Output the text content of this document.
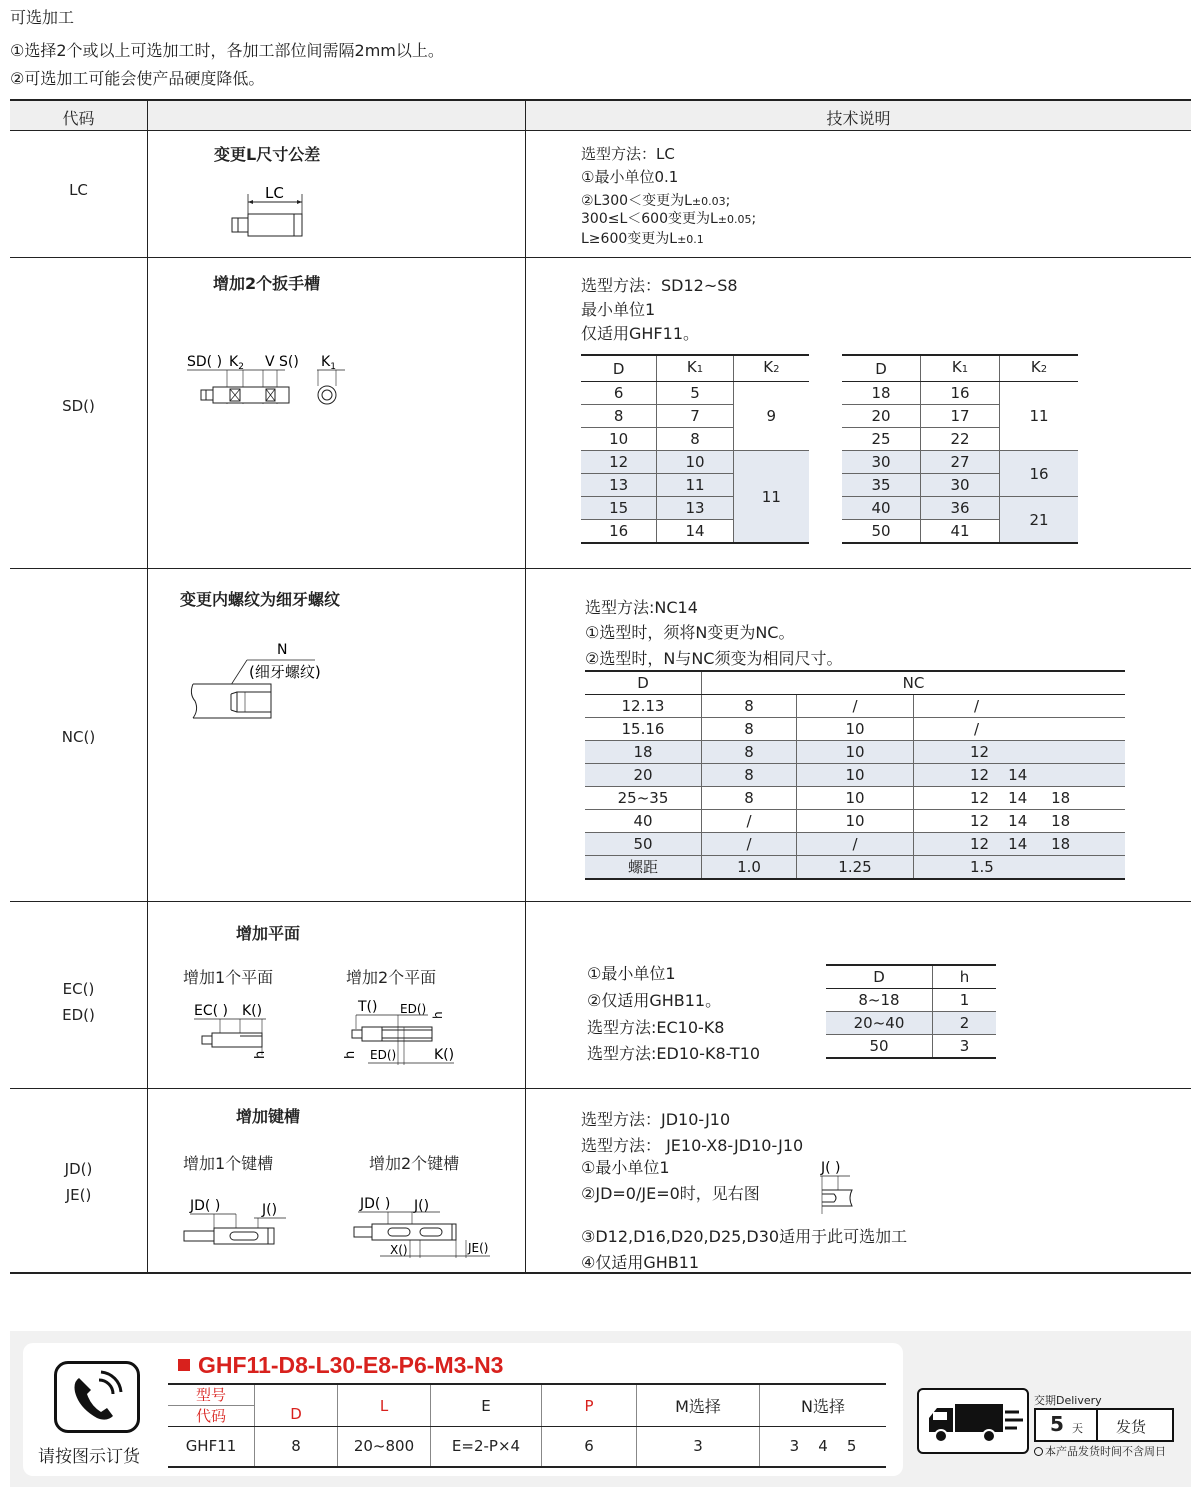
可选加工
①选择2个或以上可选加工时，各加工部位间需隔2mm以上。
②可选加工可能会使产品硬度降低。
代码	技术说明
LC
变更L尺寸公差
LC
选型方法：LC
①最小单位0.1
②L300＜变更为L±0.03;
300≤L＜600变更为L±0.05;
L≥600变更为L±0.1
SD()
增加2个扳手槽
SD( ) $K_2$ V S() $K_1$
选型方法：SD12~S8
最小单位1
仅适用GHF11。
D	K1	K2
6	5	9
8	7	
10	8	
12	10	11
13	11	
15	13	
16	14	
D	K1	K2
18	16	11
20	17	
25	22	
30	27	16
35	30	
40	36	21
50	41	
NC()
变更内螺纹为细牙螺纹
N
(细牙螺纹)
选型方法:NC14
①选型时，须将N变更为NC。
②选型时，N与NC须变为相同尺寸。
D	NC		
12.13	8	/	/
15.16	8	10	/
18	8	10	12
20	8	10	12    14
25~35	8	10	12    14     18
40	/	10	12    14     18
50	/	/	12    14     18
螺距	1.0	1.25	1.5
EC()
ED()
增加平面
增加1个平面	增加2个平面
EC( ) K()
h
T() ED() h
h ED()	K()
①最小单位1
②仅适用GHB11。
选型方法:EC10-K8
选型方法:ED10-K8-T10
D	h
8~18	1
20~40	2
50	3
JD()
JE()
增加键槽
增加1个键槽	增加2个键槽
JD( )	J()	JD( ) J()
X()	JE()
选型方法：JD10-J10
选型方法： JE10-X8-JD10-J10
①最小单位1
②JD=0/JE=0时，见右图
J( )
③D12,D16,D20,D25,D30适用于此可选加工
④仅适用GHB11
请按图示订货
GHF11-D8-L30-E8-P6-M3-N3
型号
代码	D	L	E	P	M选择	N选择
GHF11	8	20~800	E=2-P×4	6	3	3    4    5
交期Delivery
5 天 发货
本产品发货时间不含周日
